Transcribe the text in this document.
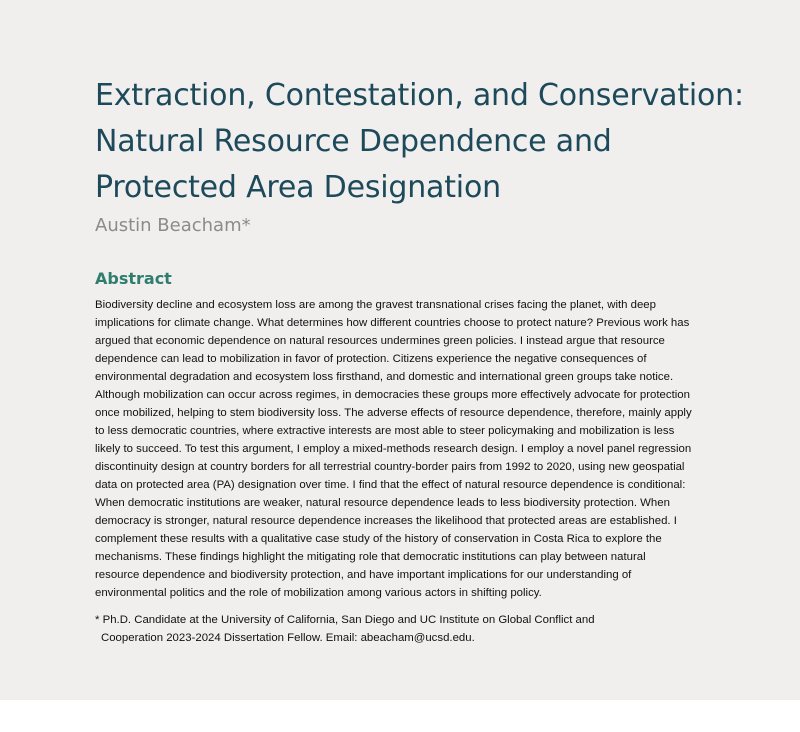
Extraction, Contestation, and Conservation:
Natural Resource Dependence and
Protected Area Designation

Austin Beacham*

Abstract

Biodiversity decline and ecosystem loss are among the gravest transnational crises facing the planet, with deep
implications for climate change. What determines how different countries choose to protect nature? Previous work has
argued that economic dependence on natural resources undermines green policies. I instead argue that resource
dependence can lead to mobilization in favor of protection. Citizens experience the negative consequences of
environmental degradation and ecosystem loss firsthand, and domestic and international green groups take notice.
Although mobilization can occur across regimes, in democracies these groups more effectively advocate for protection
once mobilized, helping to stem biodiversity loss. The adverse effects of resource dependence, therefore, mainly apply
to less democratic countries, where extractive interests are most able to steer policymaking and mobilization is less
likely to succeed. To test this argument, I employ a mixed-methods research design. I employ a novel panel regression
discontinuity design at country borders for all terrestrial country-border pairs from 1992 to 2020, using new geospatial
data on protected area (PA) designation over time. I find that the effect of natural resource dependence is conditional:
When democratic institutions are weaker, natural resource dependence leads to less biodiversity protection. When
democracy is stronger, natural resource dependence increases the likelihood that protected areas are established. I
complement these results with a qualitative case study of the history of conservation in Costa Rica to explore the
mechanisms. These findings highlight the mitigating role that democratic institutions can play between natural
resource dependence and biodiversity protection, and have important implications for our understanding of
environmental politics and the role of mobilization among various actors in shifting policy.

* Ph.D. Candidate at the University of California, San Diego and UC Institute on Global Conflict and
Cooperation 2023-2024 Dissertation Fellow. Email: abeacham@ucsd.edu.
